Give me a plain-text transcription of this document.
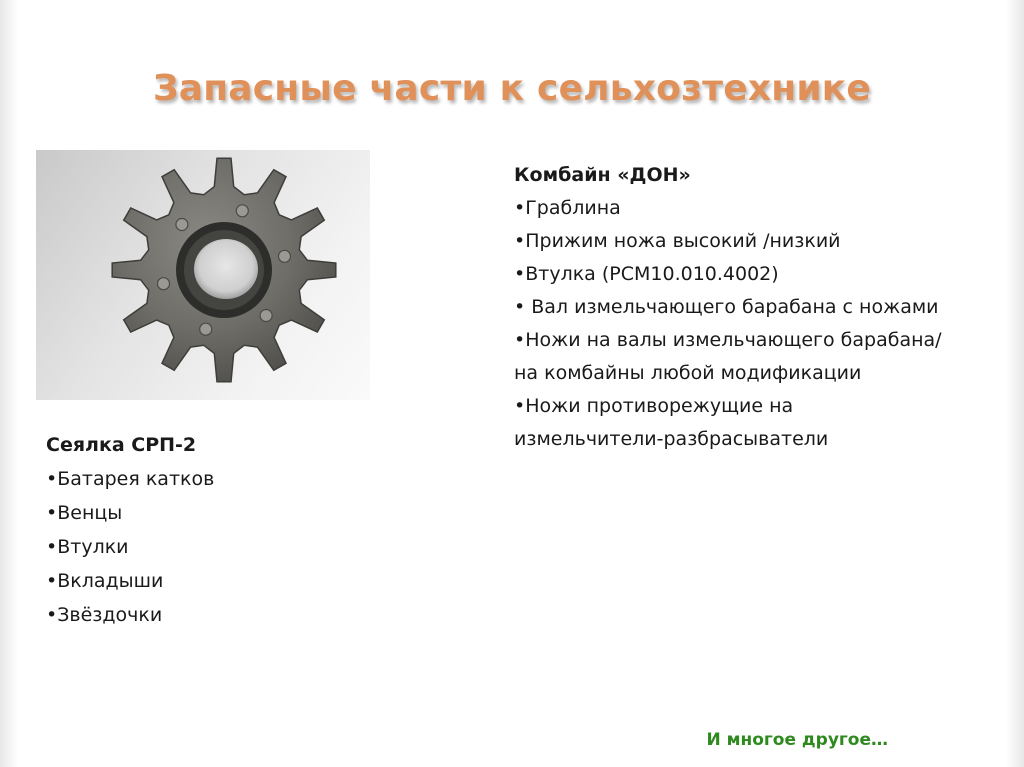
Запасные части к сельхозтехнике
Сеялка СРП-2
• Батарея катков
• Венцы
• Втулки
• Вкладыши
• Звёздочки
Комбайн «ДОН»
• Граблина
• Прижим ножа высокий /низкий
• Втулка (РСМ10.010.4002)
• Вал измельчающего барабана с ножами
• Ножи на валы измельчающего барабана/на комбайны любой модификации
• Ножи противорежущие на измельчители-разбрасыватели
И многое другое…
